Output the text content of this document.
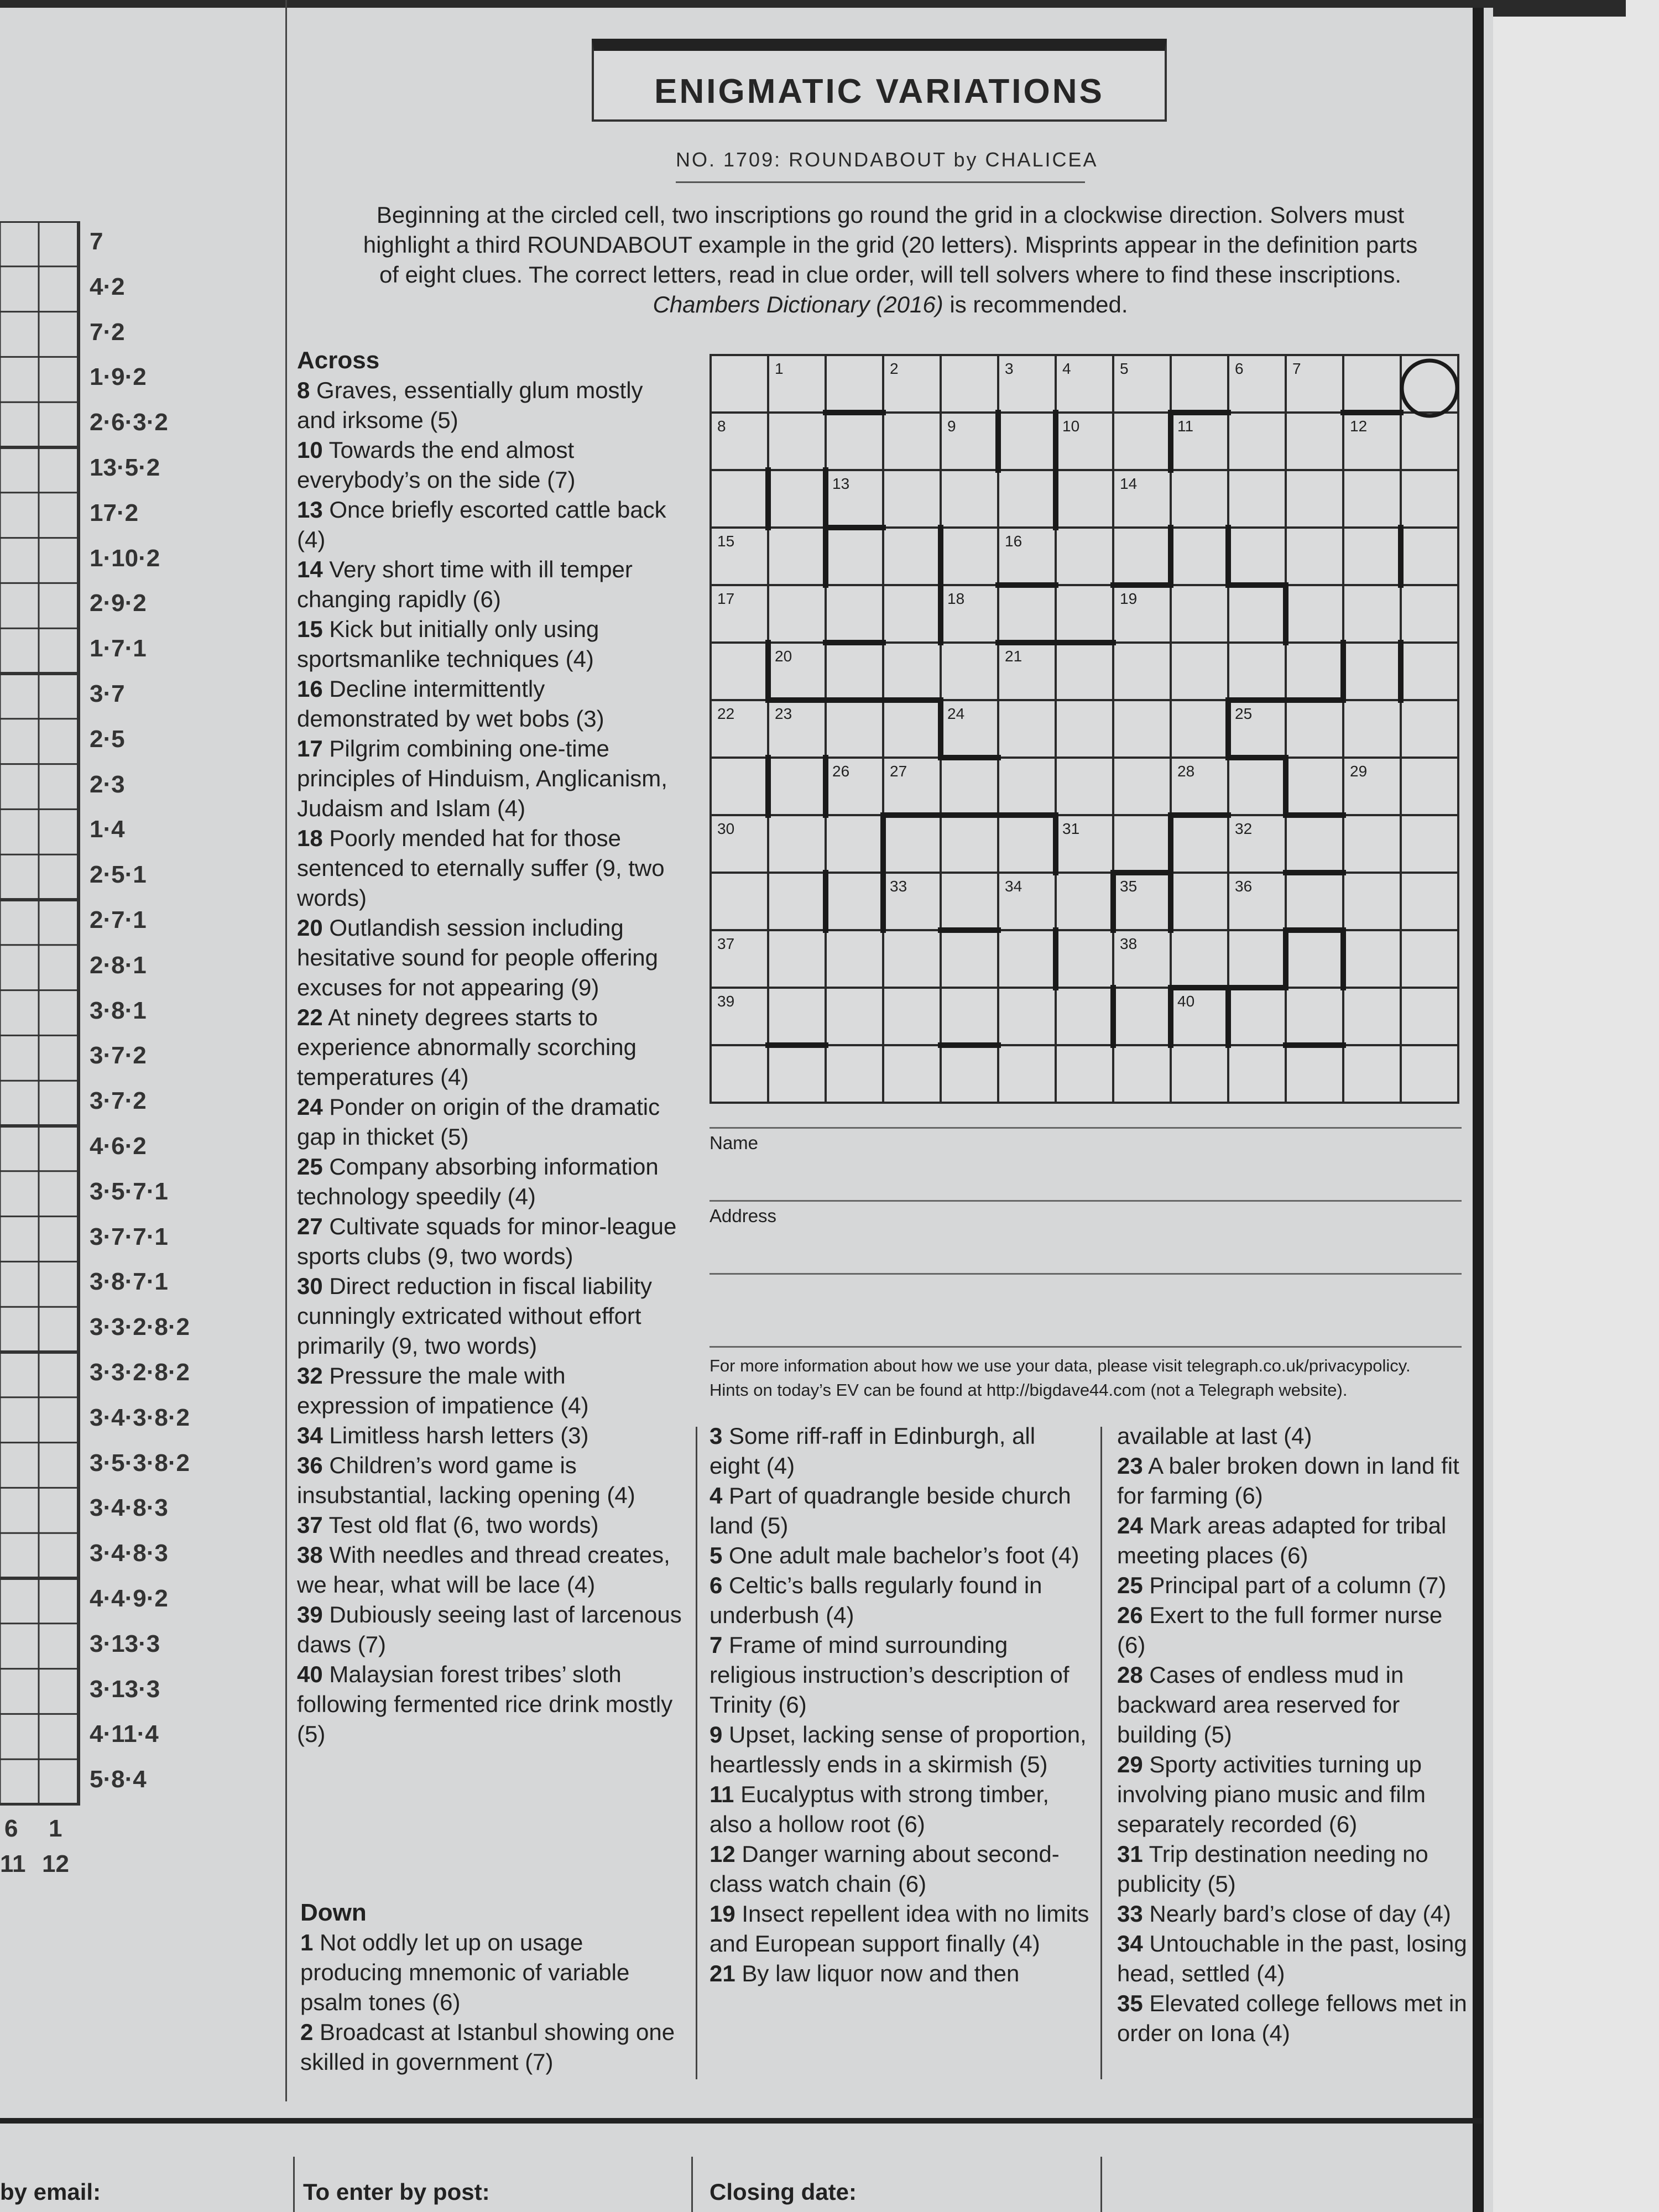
7
4·2
7·2
1·9·2
2·6·3·2
13·5·2
17·2
1·10·2
2·9·2
1·7·1
3·7
2·5
2·3
1·4
2·5·1
2·7·1
2·8·1
3·8·1
3·7·2
3·7·2
4·6·2
3·5·7·1
3·7·7·1
3·8·7·1
3·3·2·8·2
3·3·2·8·2
3·4·3·8·2
3·5·3·8·2
3·4·8·3
3·4·8·3
4·4·9·2
3·13·3
3·13·3
4·11·4
5·8·4
6 1
11 12
ENIGMATIC VARIATIONS
NO. 1709: ROUNDABOUT by CHALICEA

Beginning at the circled cell, two inscriptions go round the grid in a clockwise direction. Solvers must

highlight a third ROUNDABOUT example in the grid (20 letters). Misprints appear in the definition parts

of eight clues. The correct letters, read in clue order, will tell solvers where to find these inscriptions.

Chambers Dictionary (2016) is recommended.

Across
8 Graves, essentially glum mostly and irksome (5)
10 Towards the end almost everybody’s on the side (7)
13 Once briefly escorted cattle back (4)
14 Very short time with ill temper changing rapidly (6)
15 Kick but initially only using sportsmanlike techniques (4)
16 Decline intermittently demonstrated by wet bobs (3)
17 Pilgrim combining one-time principles of Hinduism, Anglicanism, Judaism and Islam (4)
18 Poorly mended hat for those sentenced to eternally suffer (9, two words)
20 Outlandish session including hesitative sound for people offering excuses for not appearing (9)
22 At ninety degrees starts to experience abnormally scorching temperatures (4)
24 Ponder on origin of the dramatic gap in thicket (5)
25 Company absorbing information technology speedily (4)
27 Cultivate squads for minor-league sports clubs (9, two words)
30 Direct reduction in fiscal liability cunningly extricated without effort primarily (9, two words)
32 Pressure the male with expression of impatience (4)
34 Limitless harsh letters (3)
36 Children’s word game is insubstantial, lacking opening (4)
37 Test old flat (6, two words)
38 With needles and thread creates, we hear, what will be lace (4)
39 Dubiously seeing last of larcenous daws (7)
40 Malaysian forest tribes’ sloth following fermented rice drink mostly (5)
Down
1 Not oddly let up on usage producing mnemonic of variable psalm tones (6)
2 Broadcast at Istanbul showing one skilled in government (7)
3 Some riff-raff in Edinburgh, all eight (4)
4 Part of quadrangle beside church land (5)
5 One adult male bachelor’s foot (4)
6 Celtic’s balls regularly found in underbush (4)
7 Frame of mind surrounding religious instruction’s description of Trinity (6)
9 Upset, lacking sense of proportion, heartlessly ends in a skirmish (5)
11 Eucalyptus with strong timber, also a hollow root (6)
12 Danger warning about second-class watch chain (6)
19 Insect repellent idea with no limits and European support finally (4)
21 By law liquor now and then
available at last (4)
23 A baler broken down in land fit for farming (6)
24 Mark areas adapted for tribal meeting places (6)
25 Principal part of a column (7)
26 Exert to the full former nurse (6)
28 Cases of endless mud in backward area reserved for building (5)
29 Sporty activities turning up involving piano music and film separately recorded (6)
31 Trip destination needing no publicity (5)
33 Nearly bard’s close of day (4)
34 Untouchable in the past, losing head, settled (4)
35 Elevated college fellows met in order on Iona (4)
1	2	3	4	5	6	7
8	9	10	11	12
13	14
15	16
17	18	19
20	21
22	23	24	25
26	27	28	29
30	31	32
33	34	35	36
37	38
39	40
Name
Address
For more information about how we use your data, please visit telegraph.co.uk/privacypolicy.
Hints on today’s EV can be found at http://bigdave44.com (not a Telegraph website).
by email:	To enter by post:	Closing date:
